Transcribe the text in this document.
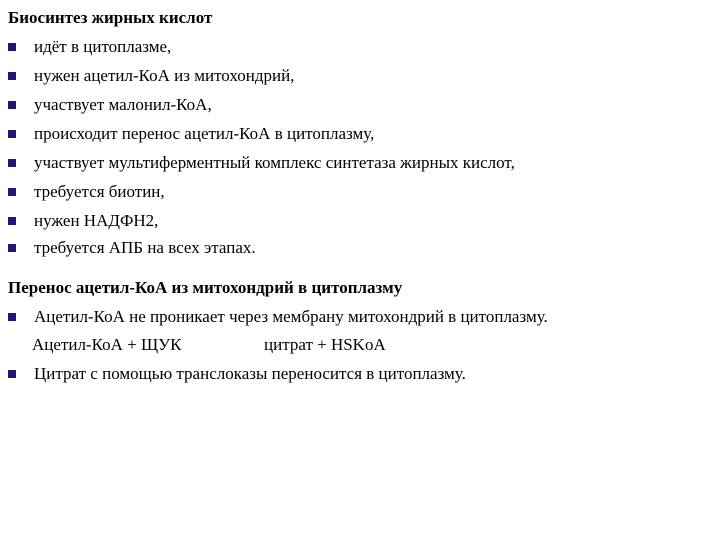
Биосинтез жирных кислот
идёт в цитоплазме,
нужен ацетил-КоА из митохондрий,
участвует малонил-КоА,
происходит перенос ацетил-КоА в цитоплазму,
участвует мультиферментный комплекс синтетаза жирных кислот,
требуется биотин,
нужен НАДФН2,
требуется АПБ на всех этапах.
Перенос ацетил-КоА из митохондрий в цитоплазму
Ацетил-КоА не проникает через мембрану митохондрий в цитоплазму.
Ацетил-КоА + ЩУК	цитрат + HSKoA
Цитрат с помощью транслоказы переносится в цитоплазму.
